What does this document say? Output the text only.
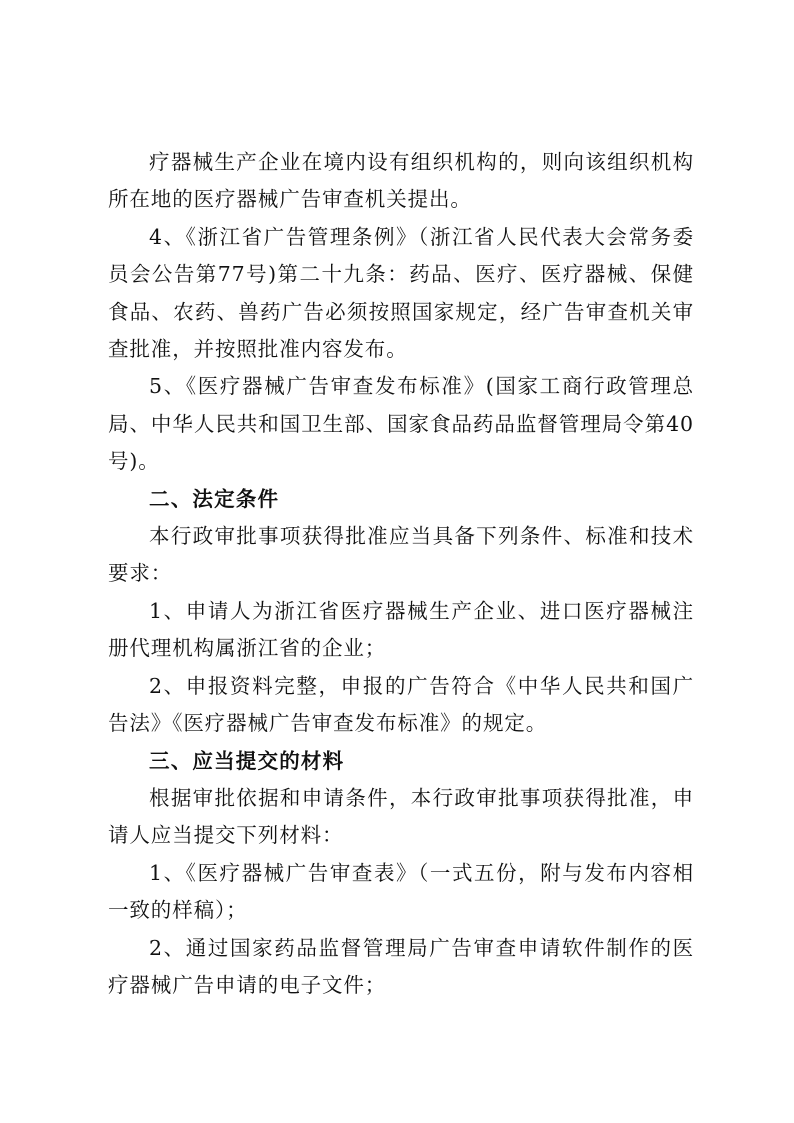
疗器械生产企业在境内设有组织机构的，则向该组织机构所在地的医疗器械广告审查机关提出。

4、《浙江省广告管理条例》（浙江省人民代表大会常务委员会公告第77号)第二十九条：药品、医疗、医疗器械、保健食品、农药、兽药广告必须按照国家规定，经广告审查机关审查批准，并按照批准内容发布。

5、《医疗器械广告审查发布标准》(国家工商行政管理总局、中华人民共和国卫生部、国家食品药品监督管理局令第40号)。

二、法定条件

本行政审批事项获得批准应当具备下列条件、标准和技术要求：

1、申请人为浙江省医疗器械生产企业、进口医疗器械注册代理机构属浙江省的企业；

2、申报资料完整，申报的广告符合《中华人民共和国广告法》《医疗器械广告审查发布标准》的规定。

三、应当提交的材料

根据审批依据和申请条件，本行政审批事项获得批准，申请人应当提交下列材料：

1、《医疗器械广告审查表》（一式五份，附与发布内容相一致的样稿）；

2、通过国家药品监督管理局广告审查申请软件制作的医疗器械广告申请的电子文件；
